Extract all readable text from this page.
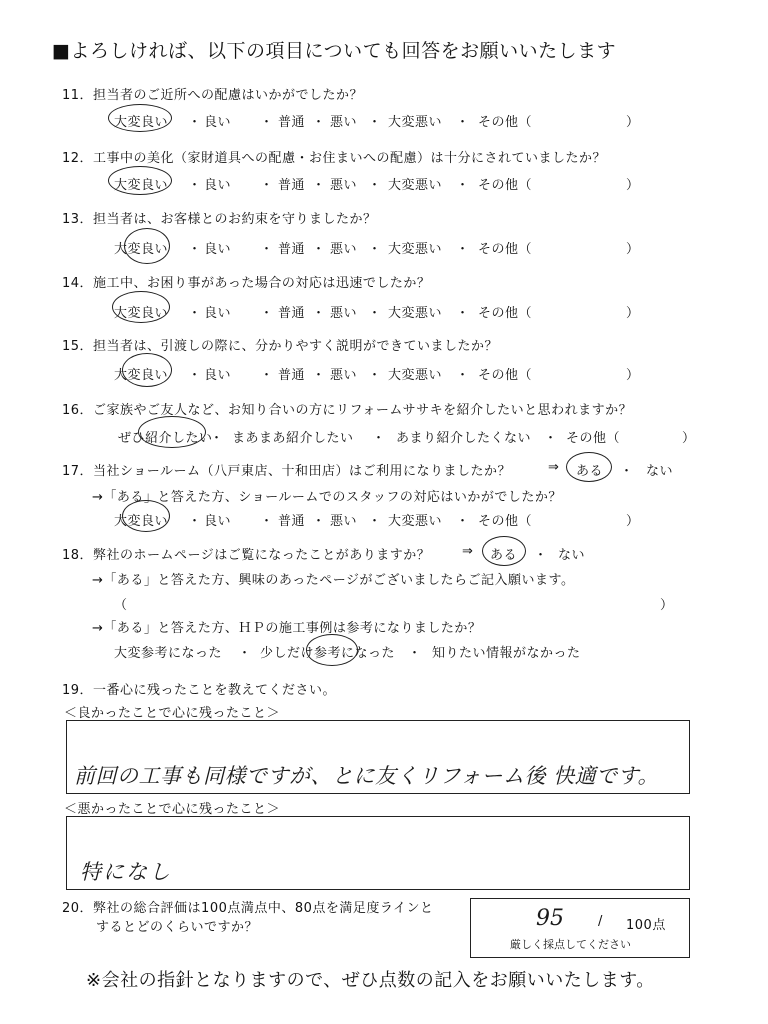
■よろしければ、以下の項目についても回答をお願いいたします
11．担当者のご近所への配慮はいかがでしたか？
大変良い ・ 良い ・ 普通 ・ 悪い ・ 大変悪い ・ その他（	）
12．工事中の美化（家財道具への配慮・お住まいへの配慮）は十分にされていましたか？
大変良い ・ 良い ・ 普通 ・ 悪い ・ 大変悪い ・ その他（	）
13．担当者は、お客様とのお約束を守りましたか？
大変良い ・ 良い ・ 普通 ・ 悪い ・ 大変悪い ・ その他（	）
14．施工中、お困り事があった場合の対応は迅速でしたか？
大変良い ・ 良い ・ 普通 ・ 悪い ・ 大変悪い ・ その他（	）
15．担当者は、引渡しの際に、分かりやすく説明ができていましたか？
大変良い ・ 良い ・ 普通 ・ 悪い ・ 大変悪い ・ その他（	）
16．ご家族やご友人など、お知り合いの方にリフォームササキを紹介したいと思われますか？
ぜひ紹介したい
・ まあまあ紹介したい ・ あまり紹介したくない ・ その他（	）
17．当社ショールーム（八戸東店、十和田店）はご利用になりましたか？	⇒ ある ・ ない
→「ある」と答えた方、ショールームでのスタッフの対応はいかがでしたか？
大変良い ・ 良い ・ 普通 ・ 悪い ・ 大変悪い ・ その他（	）
18．弊社のホームページはご覧になったことがありますか？ ⇒ ある ・ ない
→「ある」と答えた方、興味のあったページがございましたらご記入願います。
（	）
→「ある」と答えた方、ＨＰの施工事例は参考になりましたか？
大変参考になった ・ 少しだけ参考になった ・ 知りたい情報がなかった
19．一番心に残ったことを教えてください。
＜良かったことで心に残ったこと＞
前回の工事も同様ですが、とに友くリフォーム後 快適です。
＜悪かったことで心に残ったこと＞
特になし
20．弊社の総合評価は100点満点中、80点を満足度ラインと
するとどのくらいですか？	95	/ 100点
厳しく採点してください
※会社の指針となりますので、ぜひ点数の記入をお願いいたします。
